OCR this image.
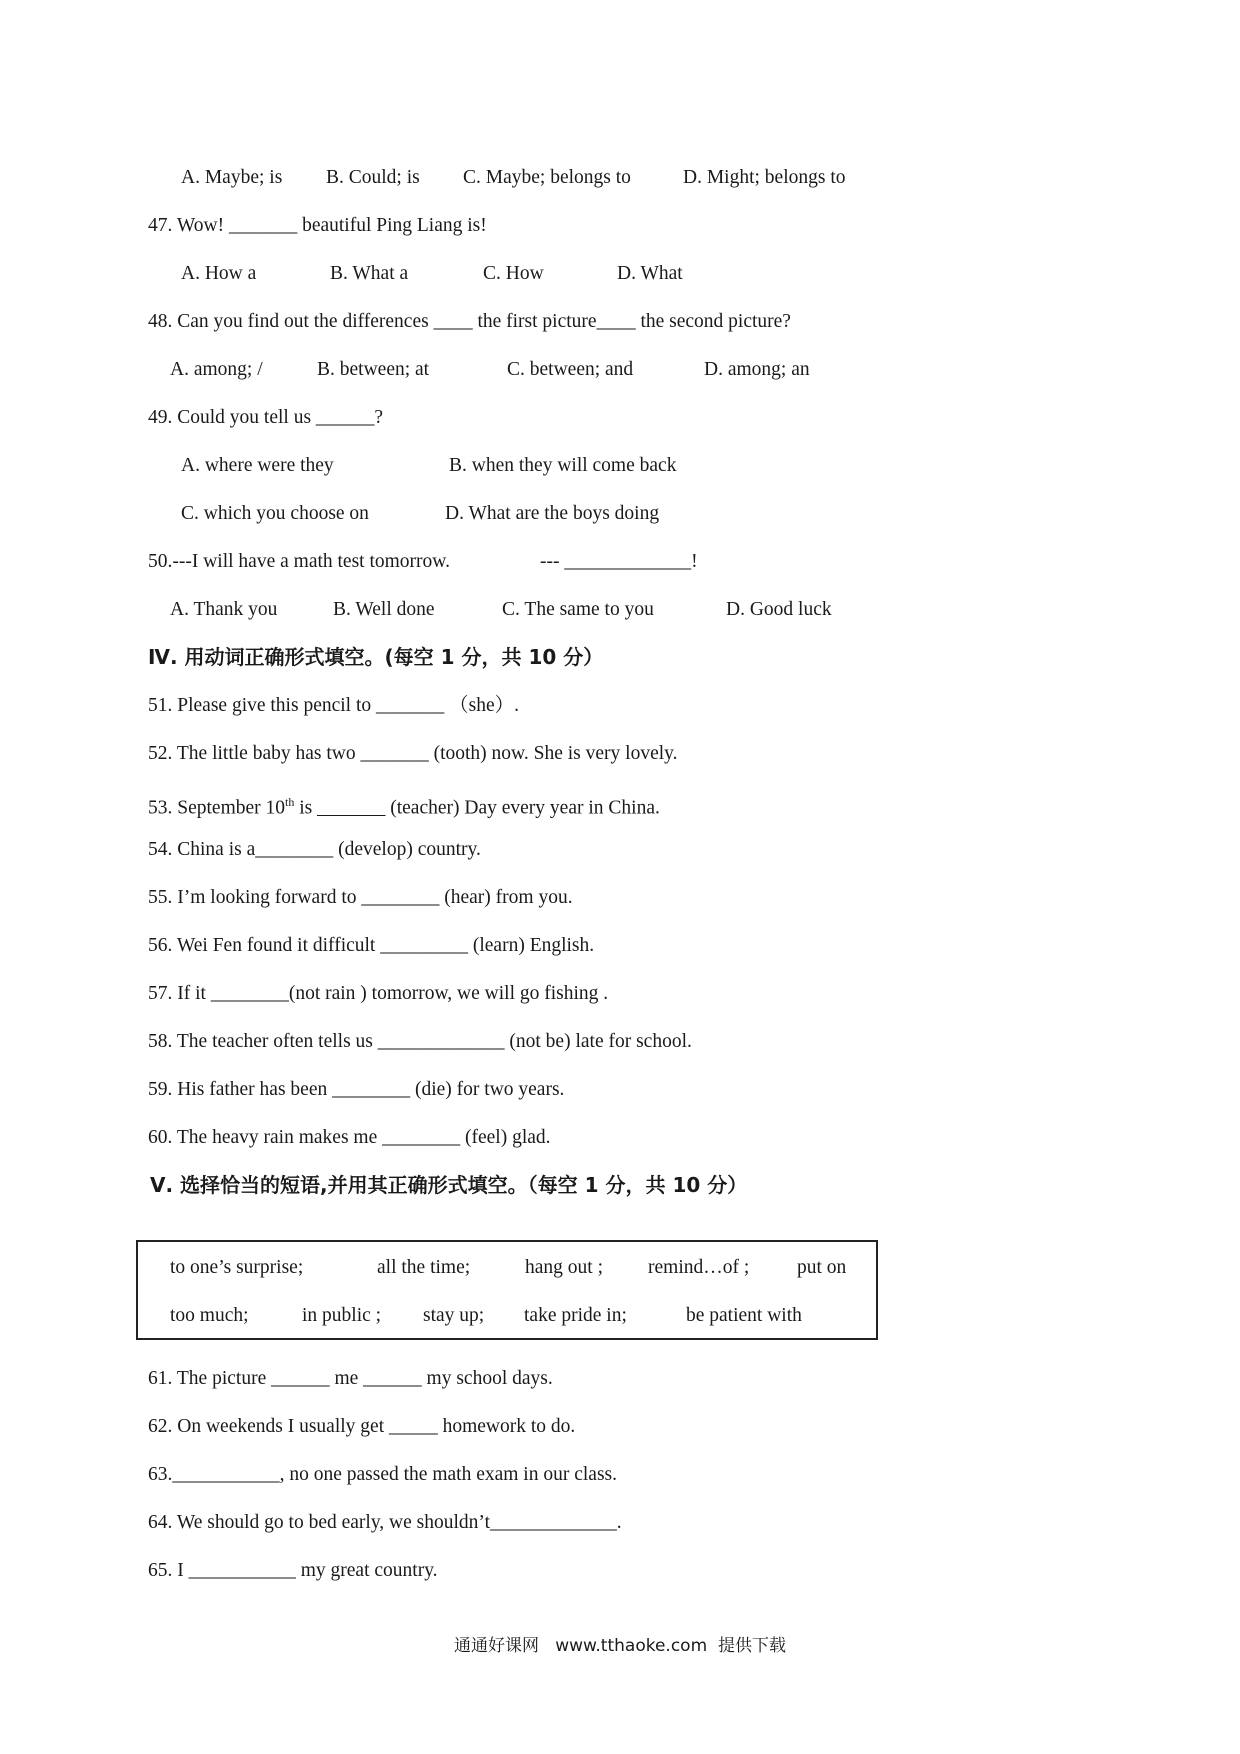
A. Maybe; is B. Could; is C. Maybe; belongs to	D. Might; belongs to
47. Wow! _______ beautiful Ping Liang is!
A. How a	B. What a	C. How	D. What
48. Can you find out the differences ____ the first picture____ the second picture?
A. among; /	B. between; at	C. between; and	D. among; an
49. Could you tell us ______?
A. where were they	B. when they will come back
C. which you choose on	D. What are the boys doing
50.---I will have a math test tomorrow.	--- _____________!
A. Thank you	B. Well done	C. The same to you	D. Good luck
Ⅳ. 用动词正确形式填空。(每空 1 分，共 10 分）
51. Please give this pencil to _______ （she）.
52. The little baby has two _______ (tooth) now. She is very lovely.
53. September 10th is _______ (teacher) Day every year in China.
54. China is a________ (develop) country.
55. I’m looking forward to ________ (hear) from you.
56. Wei Fen found it difficult _________ (learn) English.
57. If it ________(not rain ) tomorrow, we will go fishing .
58. The teacher often tells us _____________ (not be) late for school.
59. His father has been ________ (die) for two years.
60. The heavy rain makes me ________ (feel) glad.
Ⅴ. 选择恰当的短语,并用其正确形式填空。（每空 1 分，共 10 分）
to one’s surprise;	all the time;	hang out ; remind…of ; put on
too much;	in public ; stay up; take pride in;	be patient with
61. The picture ______ me ______ my school days.
62. On weekends I usually get _____ homework to do.
63.___________, no one passed the math exam in our class.
64. We should go to bed early, we shouldn’t_____________.
65. I ___________ my great country.
通通好课网   www.tthaoke.com  提供下载
